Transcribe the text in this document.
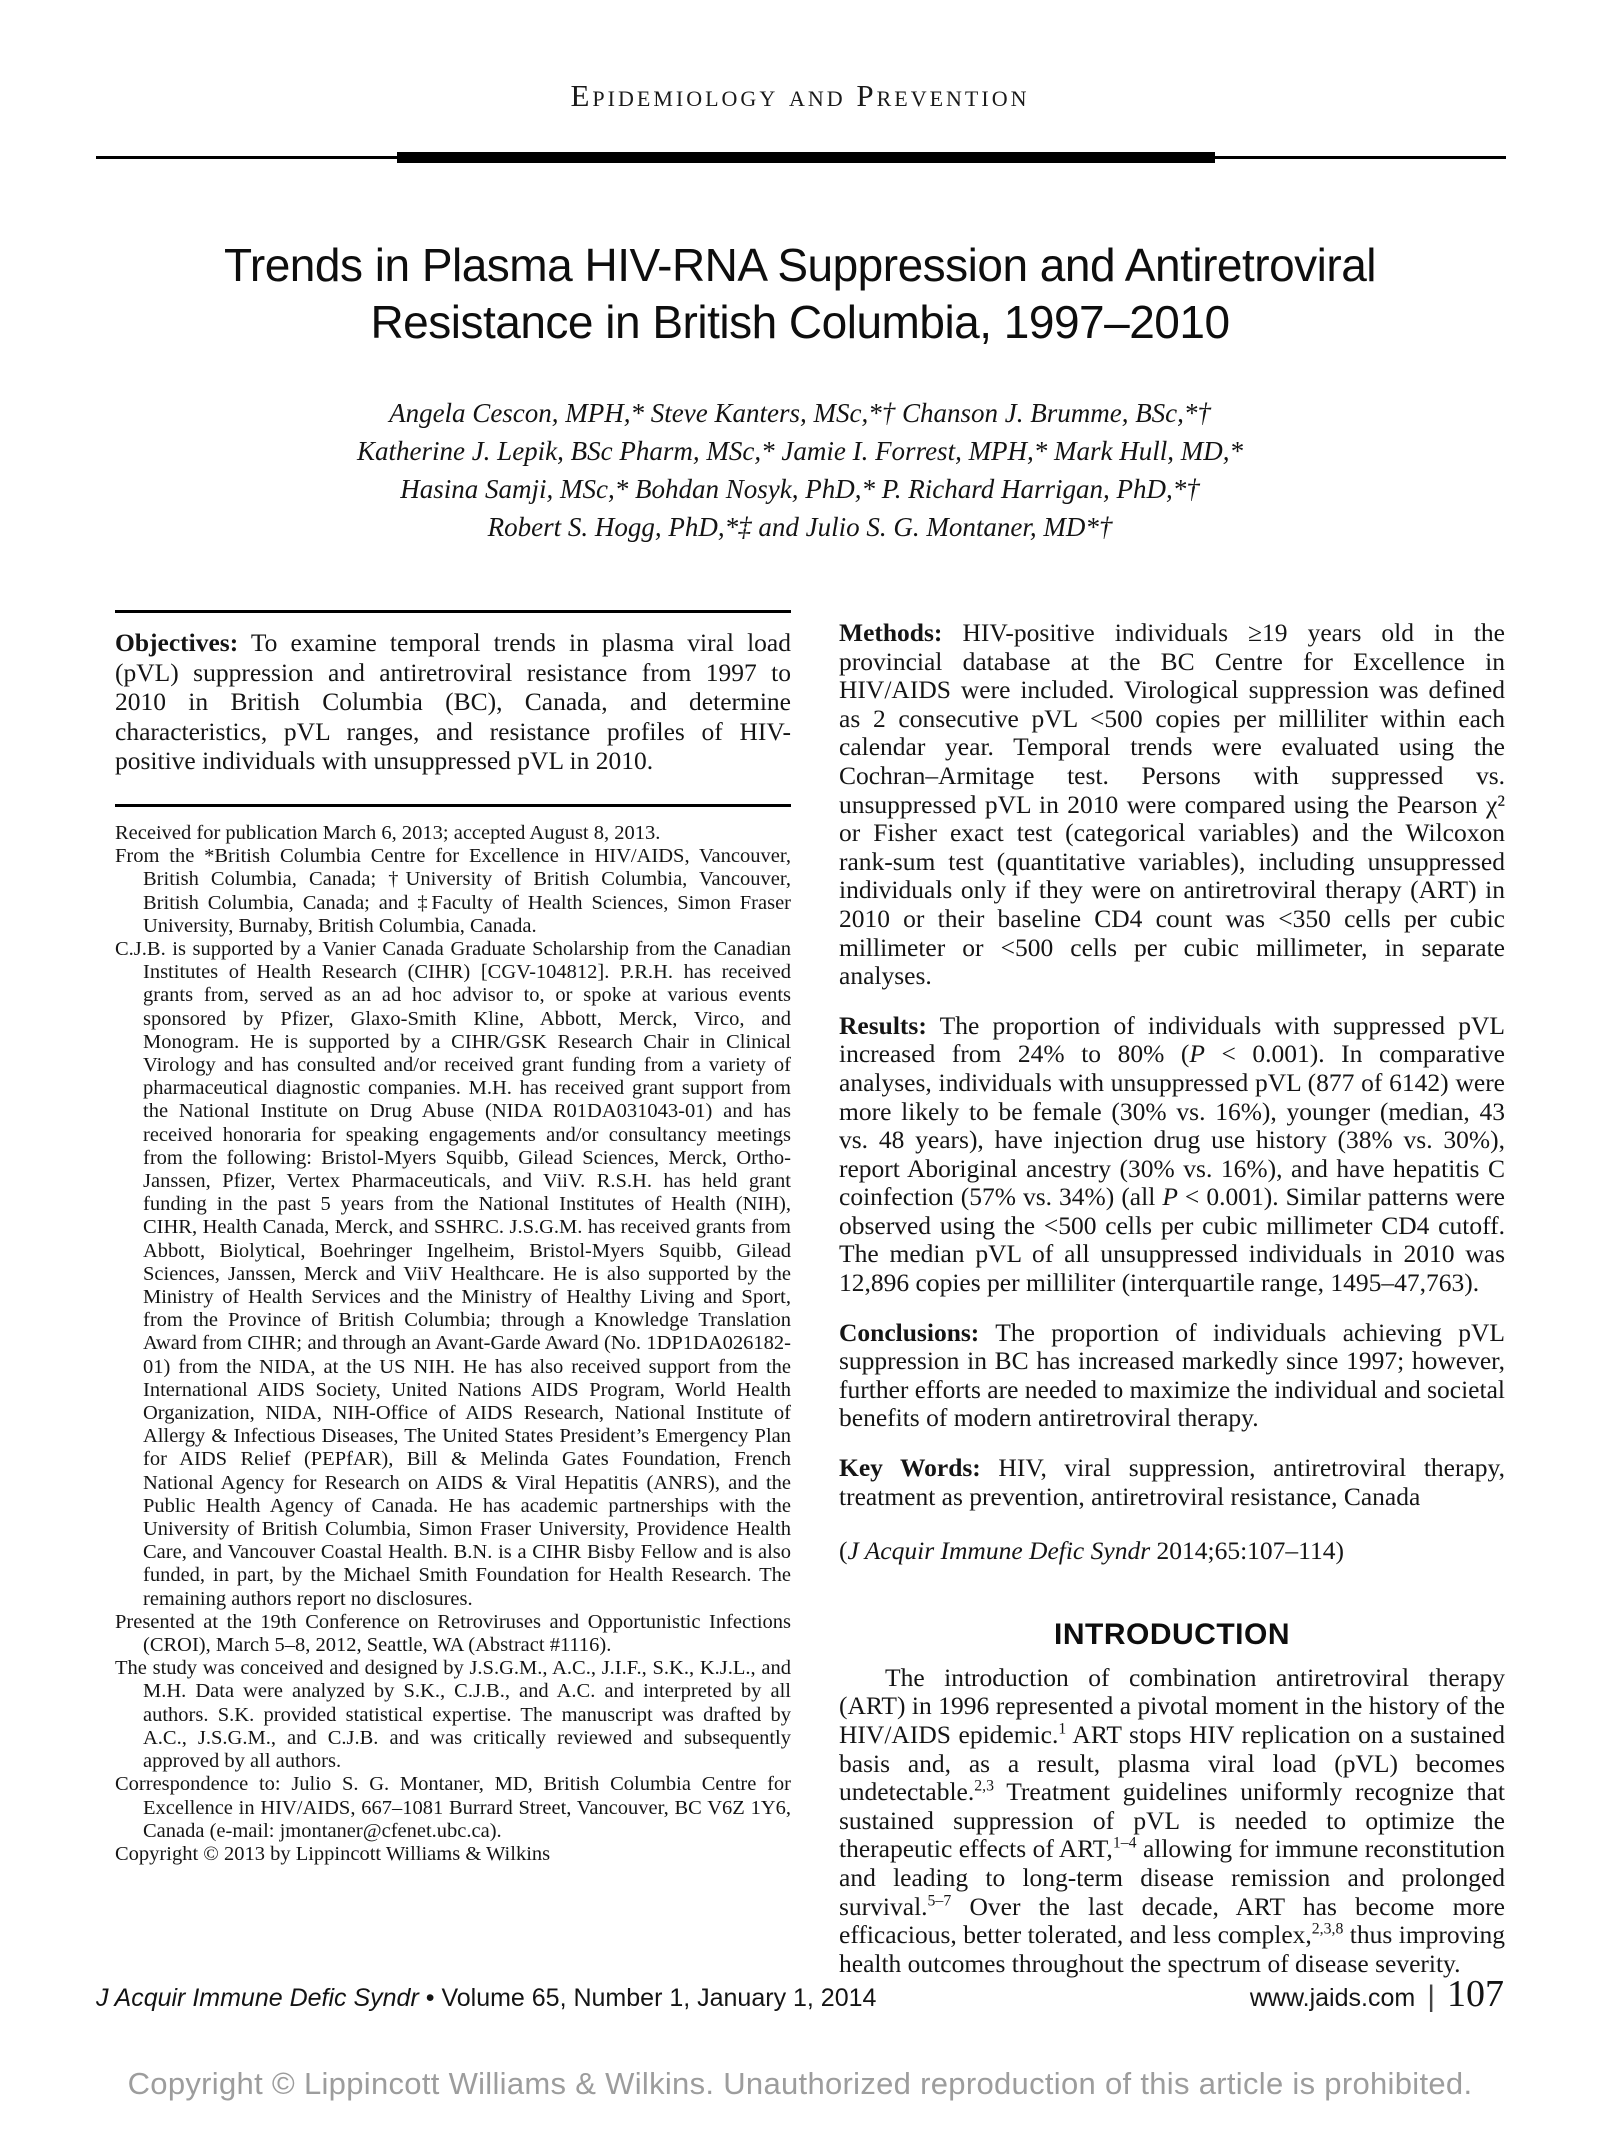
Epidemiology and Prevention
Trends in Plasma HIV-RNA Suppression and Antiretroviral
Resistance in British Columbia, 1997–2010
Angela Cescon, MPH,* Steve Kanters, MSc,*† Chanson J. Brumme, BSc,*†
Katherine J. Lepik, BSc Pharm, MSc,* Jamie I. Forrest, MPH,* Mark Hull, MD,*
Hasina Samji, MSc,* Bohdan Nosyk, PhD,* P. Richard Harrigan, PhD,*†
Robert S. Hogg, PhD,*‡ and Julio S. G. Montaner, MD*†

Objectives: To examine temporal trends in plasma viral load (pVL) suppression and antiretroviral resistance from 1997 to 2010 in British Columbia (BC), Canada, and determine characteristics, pVL ranges, and resistance profiles of HIV-positive individuals with unsuppressed pVL in 2010.

Received for publication March 6, 2013; accepted August 8, 2013.

From the *British Columbia Centre for Excellence in HIV/AIDS, Vancouver, British Columbia, Canada; †University of British Columbia, Vancouver, British Columbia, Canada; and ‡Faculty of Health Sciences, Simon Fraser University, Burnaby, British Columbia, Canada.

C.J.B. is supported by a Vanier Canada Graduate Scholarship from the Canadian Institutes of Health Research (CIHR) [CGV-104812]. P.R.H. has received grants from, served as an ad hoc advisor to, or spoke at various events sponsored by Pfizer, Glaxo-Smith Kline, Abbott, Merck, Virco, and Monogram. He is supported by a CIHR/GSK Research Chair in Clinical Virology and has consulted and/or received grant funding from a variety of pharmaceutical diagnostic companies. M.H. has received grant support from the National Institute on Drug Abuse (NIDA R01DA031043-01) and has received honoraria for speaking engagements and/or consultancy meetings from the following: Bristol-Myers Squibb, Gilead Sciences, Merck, Ortho-Janssen, Pfizer, Vertex Pharmaceuticals, and ViiV. R.S.H. has held grant funding in the past 5 years from the National Institutes of Health (NIH), CIHR, Health Canada, Merck, and SSHRC. J.S.G.M. has received grants from Abbott, Biolytical, Boehringer Ingelheim, Bristol-Myers Squibb, Gilead Sciences, Janssen, Merck and ViiV Healthcare. He is also supported by the Ministry of Health Services and the Ministry of Healthy Living and Sport, from the Province of British Columbia; through a Knowledge Translation Award from CIHR; and through an Avant-Garde Award (No. 1DP1DA026182-01) from the NIDA, at the US NIH. He has also received support from the International AIDS Society, United Nations AIDS Program, World Health Organization, NIDA, NIH-Office of AIDS Research, National Institute of Allergy & Infectious Diseases, The United States President’s Emergency Plan for AIDS Relief (PEPfAR), Bill & Melinda Gates Foundation, French National Agency for Research on AIDS & Viral Hepatitis (ANRS), and the Public Health Agency of Canada. He has academic partnerships with the University of British Columbia, Simon Fraser University, Providence Health Care, and Vancouver Coastal Health. B.N. is a CIHR Bisby Fellow and is also funded, in part, by the Michael Smith Foundation for Health Research. The remaining authors report no disclosures.

Presented at the 19th Conference on Retroviruses and Opportunistic Infections (CROI), March 5–8, 2012, Seattle, WA (Abstract #1116).

The study was conceived and designed by J.S.G.M., A.C., J.I.F., S.K., K.J.L., and M.H. Data were analyzed by S.K., C.J.B., and A.C. and interpreted by all authors. S.K. provided statistical expertise. The manuscript was drafted by A.C., J.S.G.M., and C.J.B. and was critically reviewed and subsequently approved by all authors.

Correspondence to: Julio S. G. Montaner, MD, British Columbia Centre for Excellence in HIV/AIDS, 667–1081 Burrard Street, Vancouver, BC V6Z 1Y6, Canada (e-mail: jmontaner@cfenet.ubc.ca).

Copyright © 2013 by Lippincott Williams & Wilkins

Methods: HIV-positive individuals ≥19 years old in the provincial database at the BC Centre for Excellence in HIV/AIDS were included. Virological suppression was defined as 2 consecutive pVL <500 copies per milliliter within each calendar year. Temporal trends were evaluated using the Cochran–Armitage test. Persons with suppressed vs. unsuppressed pVL in 2010 were compared using the Pearson χ² or Fisher exact test (categorical variables) and the Wilcoxon rank-sum test (quantitative variables), including unsuppressed individuals only if they were on antiretroviral therapy (ART) in 2010 or their baseline CD4 count was <350 cells per cubic millimeter or <500 cells per cubic millimeter, in separate analyses.

Results: The proportion of individuals with suppressed pVL increased from 24% to 80% (P < 0.001). In comparative analyses, individuals with unsuppressed pVL (877 of 6142) were more likely to be female (30% vs. 16%), younger (median, 43 vs. 48 years), have injection drug use history (38% vs. 30%), report Aboriginal ancestry (30% vs. 16%), and have hepatitis C coinfection (57% vs. 34%) (all P < 0.001). Similar patterns were observed using the <500 cells per cubic millimeter CD4 cutoff. The median pVL of all unsuppressed individuals in 2010 was 12,896 copies per milliliter (interquartile range, 1495–47,763).

Conclusions: The proportion of individuals achieving pVL suppression in BC has increased markedly since 1997; however, further efforts are needed to maximize the individual and societal benefits of modern antiretroviral therapy.

Key Words: HIV, viral suppression, antiretroviral therapy, treatment as prevention, antiretroviral resistance, Canada

(J Acquir Immune Defic Syndr 2014;65:107–114)

INTRODUCTION

The introduction of combination antiretroviral therapy (ART) in 1996 represented a pivotal moment in the history of the HIV/AIDS epidemic.$^1$ ART stops HIV replication on a sustained basis and, as a result, plasma viral load (pVL) becomes undetectable.$^{2,3}$ Treatment guidelines uniformly recognize that sustained suppression of pVL is needed to optimize the therapeutic effects of ART,$^{1-4}$ allowing for immune reconstitution and leading to long-term disease remission and prolonged survival.$^{5-7}$ Over the last decade, ART has become more efficacious, better tolerated, and less complex,$^{2,3,8}$ thus improving health outcomes throughout the spectrum of disease severity.

J Acquir Immune Defic Syndr • Volume 65, Number 1, January 1, 2014	www.jaids.com | 107
Copyright © Lippincott Williams & Wilkins. Unauthorized reproduction of this article is prohibited.
